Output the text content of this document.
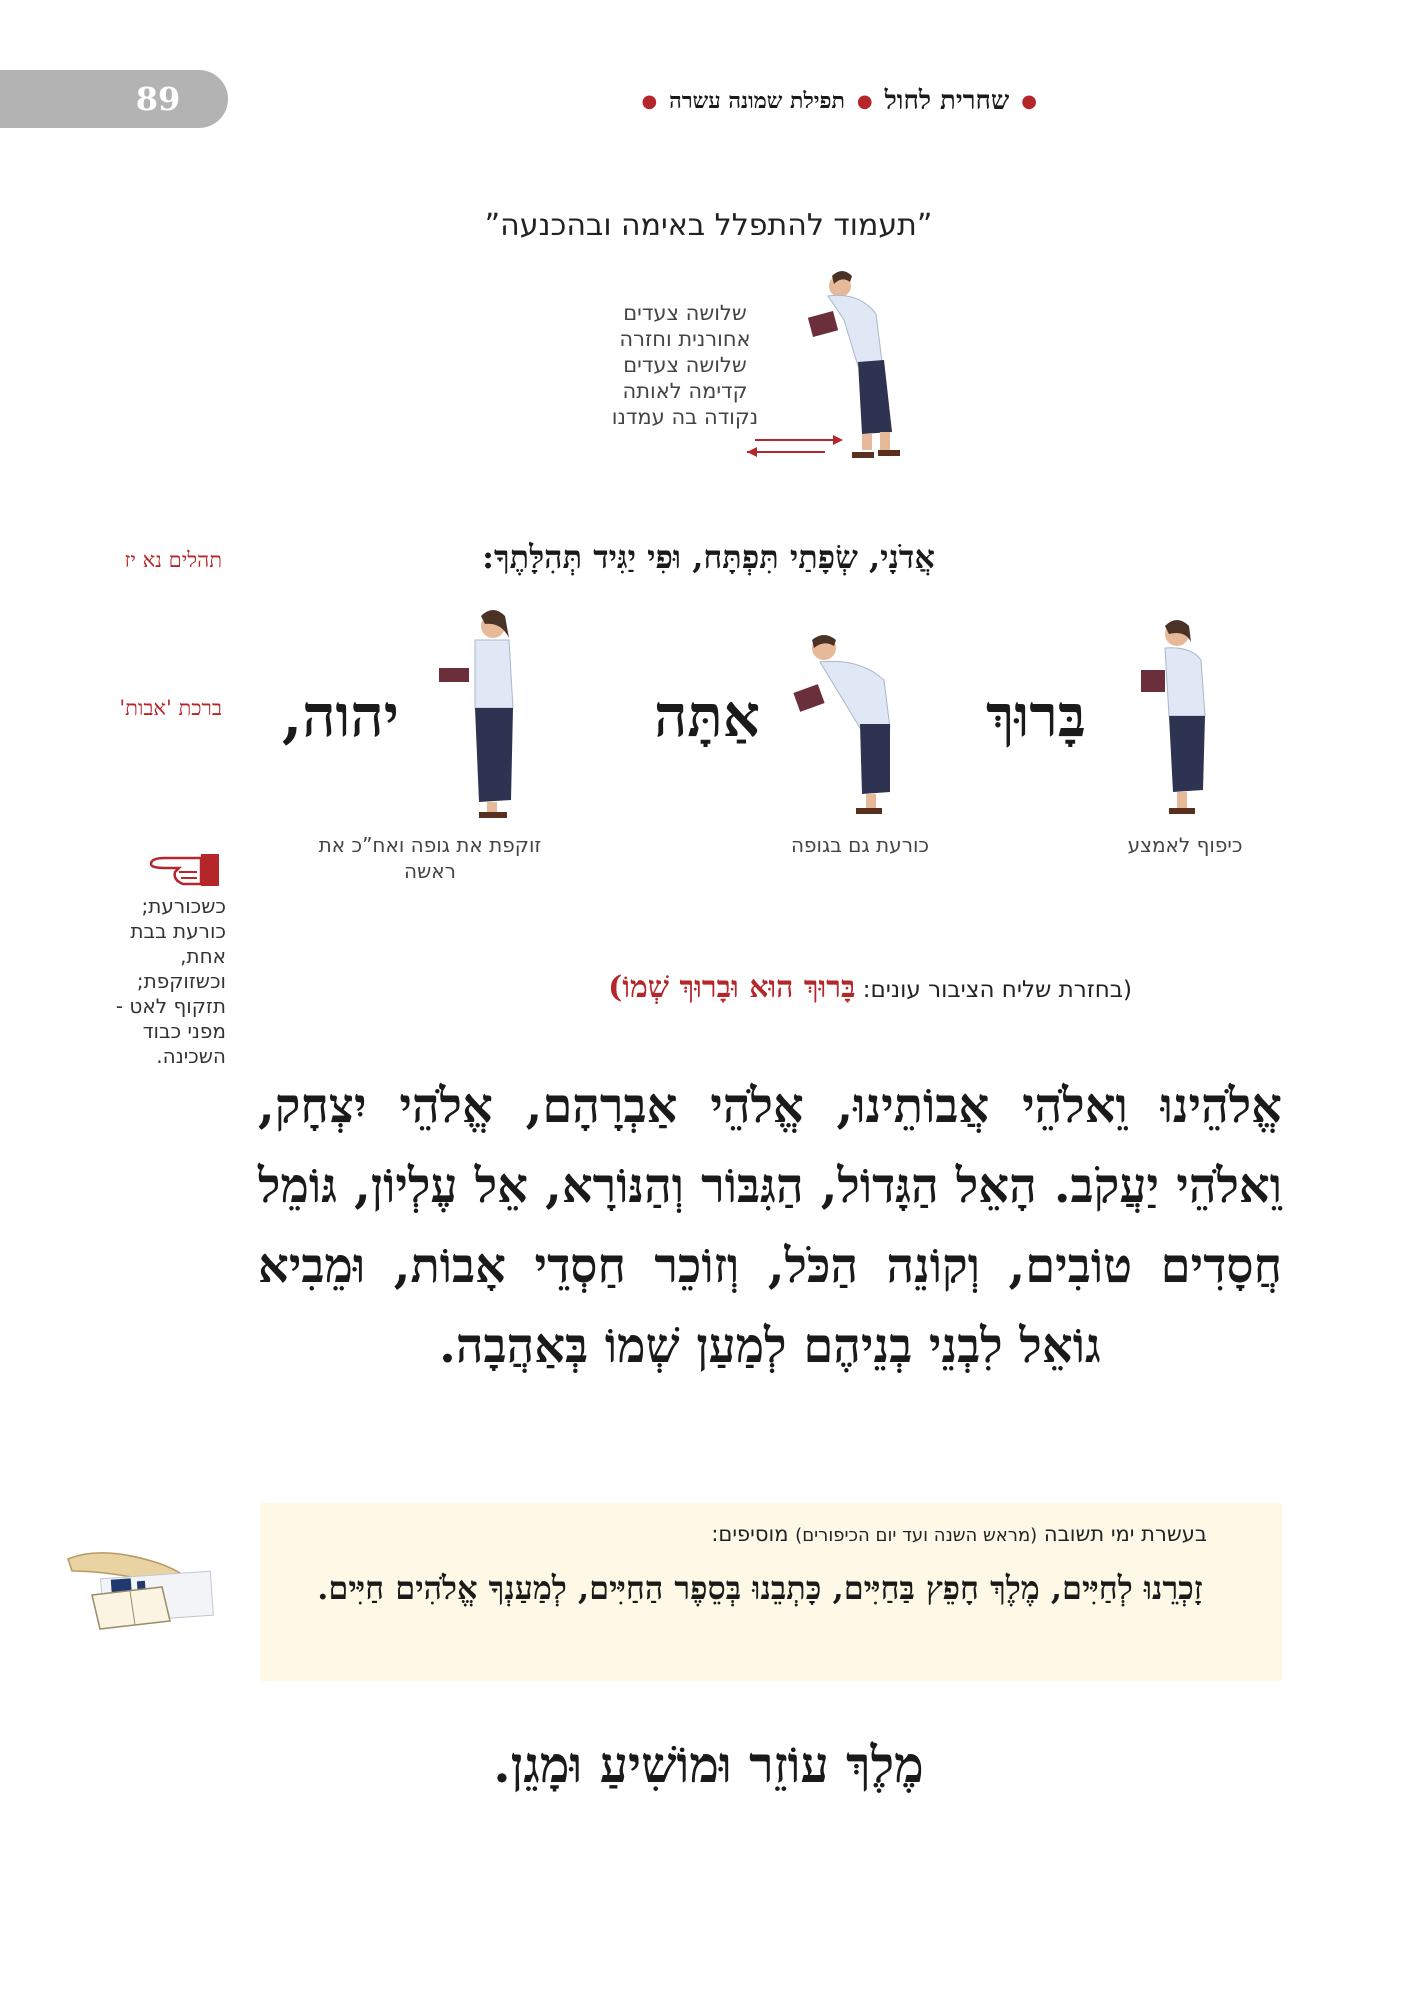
89	●
שחרית לחול
●
תפילת שמונה עשרה
●
”תעמוד להתפלל באימה ובהכנעה”
שלושה צעדים אחורנית וחזרה שלושה צעדים קדימה לאותה נקודה בה עמדנו
תהלים נא יז	אֲדֹנָי, שְׂפָתַי תִּפְתָּח, וּפִי יַגִּיד תְּהִלָּתֶךָ:
ברכת 'אבות'	בָּרוּךְ
אַתָּה
יהוה,
כיפוף לאמצע
כורעת גם בגופה
זוקפת את גופה ואח”כ את ראשה
כשכורעת; כורעת בבת אחת, וכשזוקפת; תזקוף לאט - מפני כבוד השכינה.
(בחזרת שליח הציבור עונים: בָּרוּךְ הוּא וּבָרוּךְ שְׁמוֹ)
אֱלֹהֵינוּ וֵאלֹהֵי אֲבוֹתֵינוּ, אֱלֹהֵי אַבְרָהָם, אֱלֹהֵי יִצְחָק, וֵאלֹהֵי יַעֲקֹב. הָאֵל הַגָּדוֹל, הַגִּבּוֹר וְהַנּוֹרָא, אֵל עֶלְיוֹן, גּוֹמֵל חֲסָדִים טוֹבִים, וְקוֹנֵה הַכֹּל, וְזוֹכֵר חַסְדֵי אָבוֹת, וּמֵבִיא גוֹאֵל לִבְנֵי בְנֵיהֶם לְמַעַן שְׁמוֹ בְּאַהֲבָה.
בעשרת ימי תשובה (מראש השנה ועד יום הכיפורים) מוסיפים:
זָכְרֵנוּ לְחַיִּים, מֶלֶךְ חָפֵץ בַּחַיִּים, כָּתְבֵנוּ בְּסֵפֶר הַחַיִּים, לְמַעַנְךָ אֱלֹהִים חַיִּים.
מֶלֶךְ עוֹזֵר וּמוֹשִׁיעַ וּמָגֵן.
